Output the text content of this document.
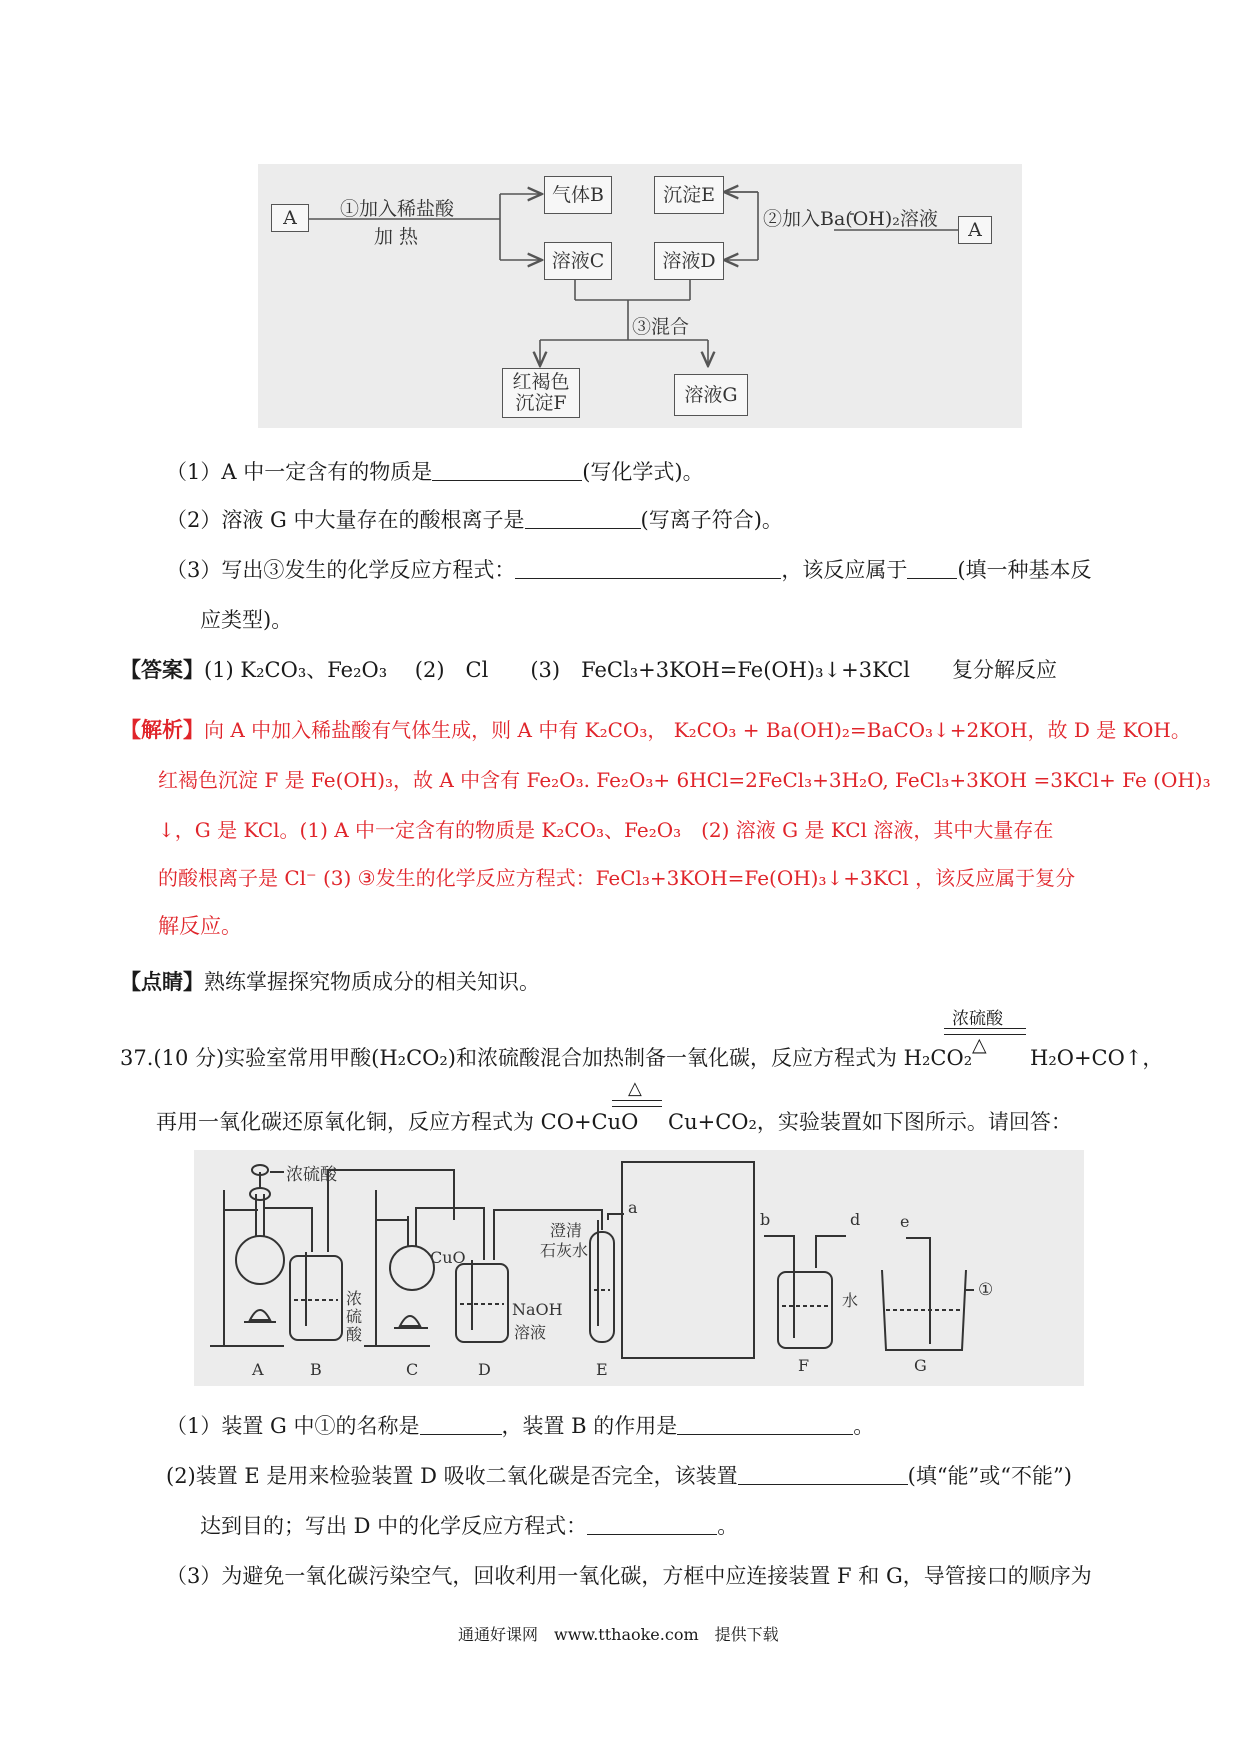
A	①加入稀盐酸
加 热
气体B
溶液C
沉淀E
溶液D
②加入Ba(OH)₂溶液	A
③混合
红褐色
沉淀F	溶液G
（1）A 中一定含有的物质是	(写化学式)。
（2）溶液 G 中大量存在的酸根离子是	(写离子符合)。
（3）写出③发生的化学反应方程式：	，该反应属于 (填一种基本反
应类型)。
【答案】(1) K₂CO₃、Fe₂O₃　 (2)　Cl　　(3)　FeCl₃+3KOH=Fe(OH)₃↓+3KCl　　复分解反应
【解析】向 A 中加入稀盐酸有气体生成，则 A 中有 K₂CO₃， K₂CO₃ + Ba(OH)₂=BaCO₃↓+2KOH，故 D 是 KOH。
红褐色沉淀 F 是 Fe(OH)₃，故 A 中含有 Fe₂O₃. Fe₂O₃+ 6HCl=2FeCl₃+3H₂O, FeCl₃+3KOH =3KCl+ Fe (OH)₃
↓，G 是 KCl。(1) A 中一定含有的物质是 K₂CO₃、Fe₂O₃　(2) 溶液 G 是 KCl 溶液，其中大量存在
的酸根离子是 Cl⁻ (3) ③发生的化学反应方程式：FeCl₃+3KOH=Fe(OH)₃↓+3KCl ，该反应属于复分
解反应。
【点睛】熟练掌握探究物质成分的相关知识。
浓硫酸
△
37.(10 分)实验室常用甲酸(H₂CO₂)和浓硫酸混合加热制备一氧化碳，反应方程式为 H₂CO₂	H₂O+CO↑，
△
再用一氧化碳还原氧化铜，反应方程式为 CO+CuO Cu+CO₂，实验装置如下图所示。请回答：
浓硫酸
浓
硫
酸
CuO
NaOH
溶液
澄清
石灰水
a
b	d e
水
①
A	B	C	D	E	F	G
（1）装置 G 中①的名称是	，装置 B 的作用是	。
(2)装置 E 是用来检验装置 D 吸收二氧化碳是否完全，该装置	(填“能”或“不能”)
达到目的；写出 D 中的化学反应方程式：	。
（3）为避免一氧化碳污染空气，回收利用一氧化碳，方框中应连接装置 F 和 G，导管接口的顺序为
通通好课网　www.tthaoke.com　提供下载
